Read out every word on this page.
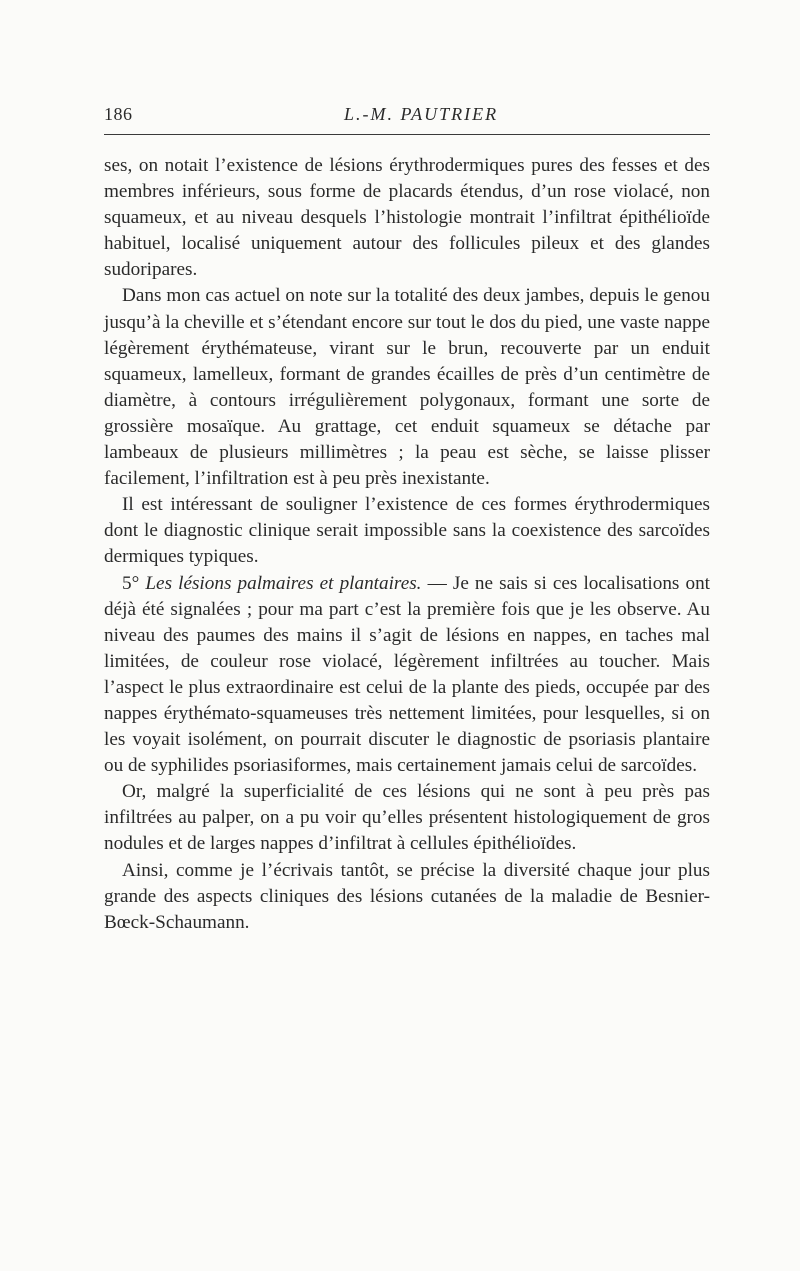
186	L.-M. PAUTRIER

ses, on notait l’existence de lésions érythrodermiques pures des fesses et des membres inférieurs, sous forme de placards étendus, d’un rose violacé, non squameux, et au niveau desquels l’histologie montrait l’infiltrat épithélioïde habituel, localisé uniquement autour des follicules pileux et des glandes sudoripares.

Dans mon cas actuel on note sur la totalité des deux jambes, depuis le genou jusqu’à la cheville et s’étendant encore sur tout le dos du pied, une vaste nappe légèrement érythémateuse, virant sur le brun, recouverte par un enduit squameux, lamelleux, formant de grandes écailles de près d’un centimètre de diamètre, à contours irrégulièrement polygonaux, formant une sorte de grossière mosaïque. Au grattage, cet enduit squameux se détache par lambeaux de plusieurs millimètres ; la peau est sèche, se laisse plisser facilement, l’infiltration est à peu près inexistante.

Il est intéressant de souligner l’existence de ces formes érythrodermiques dont le diagnostic clinique serait impossible sans la coexistence des sarcoïdes dermiques typiques.

5° Les lésions palmaires et plantaires. — Je ne sais si ces localisations ont déjà été signalées ; pour ma part c’est la première fois que je les observe. Au niveau des paumes des mains il s’agit de lésions en nappes, en taches mal limitées, de couleur rose violacé, légèrement infiltrées au toucher. Mais l’aspect le plus extraordinaire est celui de la plante des pieds, occupée par des nappes érythémato-squameuses très nettement limitées, pour lesquelles, si on les voyait isolément, on pourrait discuter le diagnostic de psoriasis plantaire ou de syphilides psoriasiformes, mais certainement jamais celui de sarcoïdes.

Or, malgré la superficialité de ces lésions qui ne sont à peu près pas infiltrées au palper, on a pu voir qu’elles présentent histologiquement de gros nodules et de larges nappes d’infiltrat à cellules épithélioïdes.

Ainsi, comme je l’écrivais tantôt, se précise la diversité chaque jour plus grande des aspects cliniques des lésions cutanées de la maladie de Besnier-Bœck-Schaumann.
